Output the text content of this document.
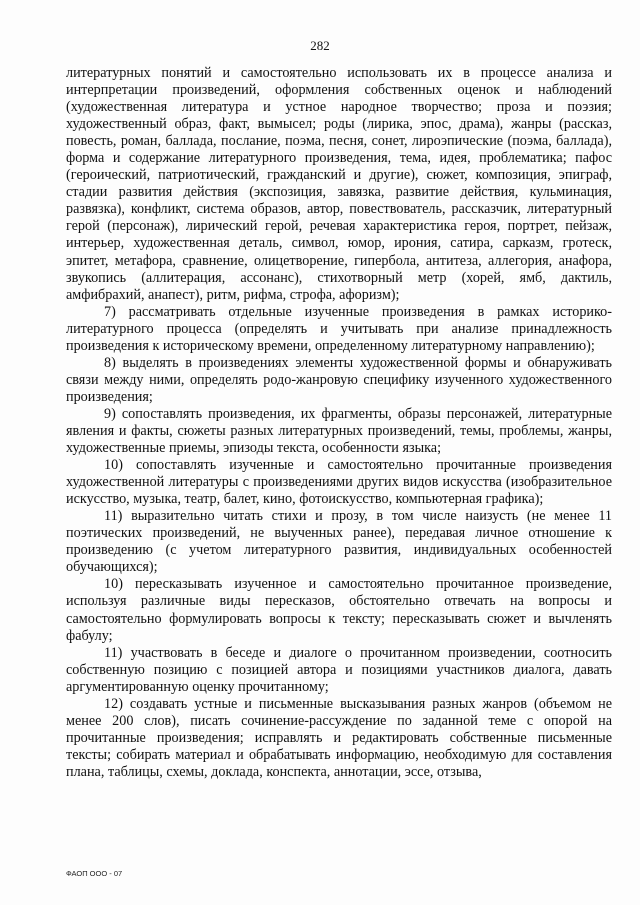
282

литературных понятий и самостоятельно использовать их в процессе анализа и интерпретации произведений, оформления собственных оценок и наблюдений (художественная литература и устное народное творчество; проза и поэзия; художественный образ, факт, вымысел; роды (лирика, эпос, драма), жанры (рассказ, повесть, роман, баллада, послание, поэма, песня, сонет, лироэпические (поэма, баллада), форма и содержание литературного произведения, тема, идея, проблематика; пафос (героический, патриотический, гражданский и другие), сюжет, композиция, эпиграф, стадии развития действия (экспозиция, завязка, развитие действия, кульминация, развязка), конфликт, система образов, автор, повествователь, рассказчик, литературный герой (персонаж), лирический герой, речевая характеристика героя, портрет, пейзаж, интерьер, художественная деталь, символ, юмор, ирония, сатира, сарказм, гротеск, эпитет, метафора, сравнение, олицетворение, гипербола, антитеза, аллегория, анафора, звукопись (аллитерация, ассонанс), стихотворный метр (хорей, ямб, дактиль, амфибрахий, анапест), ритм, рифма, строфа, афоризм);

7) рассматривать отдельные изученные произведения в рамках историко-литературного процесса (определять и учитывать при анализе принадлежность произведения к историческому времени, определенному литературному направлению);

8) выделять в произведениях элементы художественной формы и обнаруживать связи между ними, определять родо-жанровую специфику изученного художественного произведения;

9) сопоставлять произведения, их фрагменты, образы персонажей, литературные явления и факты, сюжеты разных литературных произведений, темы, проблемы, жанры, художественные приемы, эпизоды текста, особенности языка;

10) сопоставлять изученные и самостоятельно прочитанные произведения художественной литературы с произведениями других видов искусства (изобразительное искусство, музыка, театр, балет, кино, фотоискусство, компьютерная графика);

11) выразительно читать стихи и прозу, в том числе наизусть (не менее 11 поэтических произведений, не выученных ранее), передавая личное отношение к произведению (с учетом литературного развития, индивидуальных особенностей обучающихся);

10) пересказывать изученное и самостоятельно прочитанное произведение, используя различные виды пересказов, обстоятельно отвечать на вопросы и самостоятельно формулировать вопросы к тексту; пересказывать сюжет и вычленять фабулу;

11) участвовать в беседе и диалоге о прочитанном произведении, соотносить собственную позицию с позицией автора и позициями участников диалога, давать аргументированную оценку прочитанному;

12) создавать устные и письменные высказывания разных жанров (объемом не менее 200 слов), писать сочинение-рассуждение по заданной теме с опорой на прочитанные произведения; исправлять и редактировать собственные письменные тексты; собирать материал и обрабатывать информацию, необходимую для составления плана, таблицы, схемы, доклада, конспекта, аннотации, эссе, отзыва,

ФАОП ООО - 07
